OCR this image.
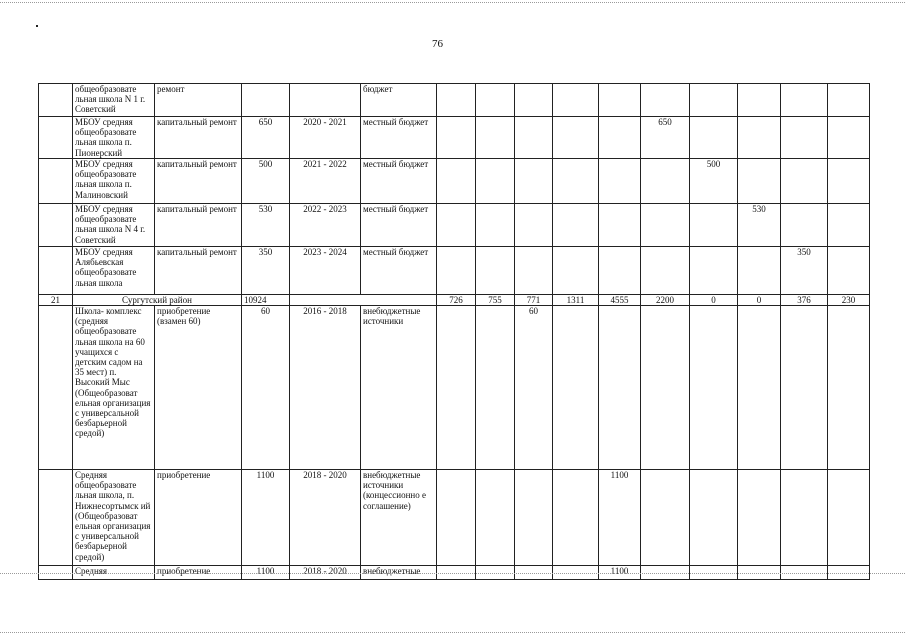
76
	общеобразовате льная школа N 1 г. Советский	ремонт			бюджет										
	МБОУ средняя общеобразовате льная школа п. Пионерский	капитальный ремонт	650	2020 - 2021	местный бюджет						650				
	МБОУ средняя общеобразовате льная школа п. Малиновский	капитальный ремонт	500	2021 - 2022	местный бюджет							500			
	МБОУ средняя общеобразовате льная школа N 4 г. Советский	капитальный ремонт	530	2022 - 2023	местный бюджет								530		
	МБОУ средняя Алябьевская общеобразовате льная школа	капитальный ремонт	350	2023 - 2024	местный бюджет									350	
21	Сургутский район		10924			726	755	771	1311	4555	2200	0	0	376	230
	Школа- комплекс (средняя общеобразовате льная школа на 60 учащихся с детским садом на 35 мест) п. Высокий Мыс (Общеобразоват ельная организация с универсальной безбарьерной средой)	приобретение (взамен 60)	60	2016 - 2018	внебюджетные источники			60							
	Средняя общеобразовате льная школа, п. Нижнесортымск ий (Общеобразоват ельная организация с универсальной безбарьерной средой)	приобретение	1100	2018 - 2020	внебюджетные источники (концессионно е соглашение)					1100					
	Средняя	приобретение	1100	2018 - 2020	внебюджетные					1100					
